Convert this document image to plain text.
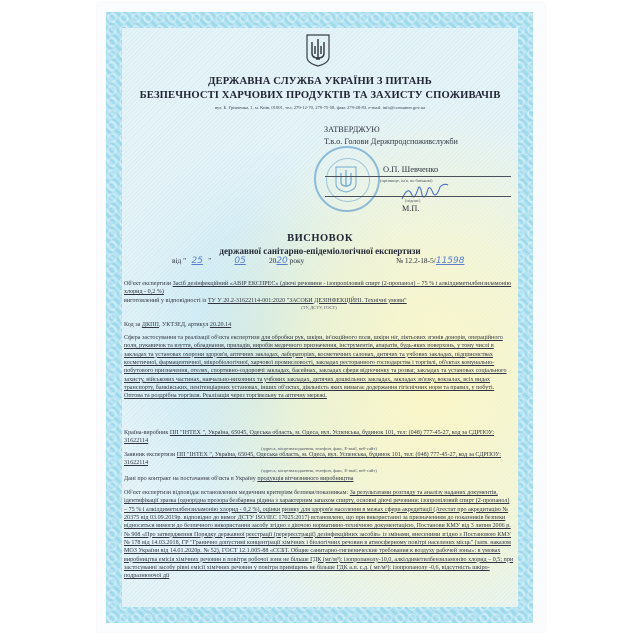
ДЕРЖАВНА СЛУЖБА УКРАЇНИ З ПИТАНЬ
БЕЗПЕЧНОСТІ ХАРЧОВИХ ПРОДУКТІВ ТА ЗАХИСТУ СПОЖИВАЧІВ
вул. Б. Грінченка, 1, м. Київ, 01001, тел. 279-12-70, 279-75-58, факс 279-48-83, e-mail: info@consumer.gov.ua
ЗАТВЕРДЖУЮ
Т.в.о. Голови Держпродспоживслужби
О.П. Шевченко
(прізвище, ім'я, по батькові)
(підпис)
М.П.
ВИСНОВОК
державної санітарно-епідеміологічної експертизи
від " 25 " 05	2020 року	№ 12.2-18-5/11598
Об'єкт експертизи Засіб дезінфекційний «АВІР ЕКСПРЕС» (діючі речовини - ізопропіловий спирт (2-пропанол) – 75 % і алкілдиметилбензиламонію хлорид - 0,2 %)
виготовлений у відповідності із ТУ У 20.2-31622114-001:2020 "ЗАСОБИ ДЕЗІНФЕКЦІЙНІ. Технічні умови"
(ТУ, ДСТУ, ГОСТ)
Код за ДКПП, УКТЗЕД, артикул 20.20.14
Сфера застосування та реалізації об'єкта експертизи для обробки рук, шкіри, ін'єкційного поля, шкіри ніг, ліктьових згинів донорів, операційного поля, рукавичок та взуття, обладнання, приладів, виробів медичного призначення, інструментів, апаратів, будь-яких поверхонь, у тому числі в закладах та установах охорони здоров'я, аптечних закладах, лабораторіях, косметичних салонах, дитячих та учбових закладах, підприємствах косметичної, фармацевтичної, мікробіологічної, харчової промисловості, закладах ресторанного господарства і торгівлі, об'єктах комунально-побутового призначення, отелях, спортивно-оздоровчі закладах, басейнах, закладах сфери відпочинку та розваг, закладах та установах соціального захисту, військових частинах, навчально-виховних та учбових закладах, дитячих дошкільних закладах, закладах зв'язку, вокзалах, всіх видах транспорту, банківських, пенітенціарних установах, інших об'єктах, діяльність яких вимагає додержання гігієнічних норм та правил, у побуті. Оптова та роздрібна торгівля. Реалізація через торгівельну та аптечну мережі.
Країна-виробник ПП "ІНТЕХ ", Україна, 65045, Одеська область, м. Одеса, вул. Успенська, будинок 101, тел: (048) 777-45-27, код за СДРПОУ: 31622114
(адреса, місцезнаходження, телефон, факс, E-mail, веб-сайт)
Заявник експертизи ПП "ІНТЕХ ", Україна, 65045, Одеська область, м. Одеса, вул. Успенська, будинок 101, тел: (048) 777-45-27, код за СДРПОУ: 31622114
(адреса, місцезнаходження, телефон, факс, E-mail, веб-сайт)
Дані про контракт на постачання об'єкта в Україну продукція вітчизняного виробництва
Об'єкт експертизи відповідає встановленим медичним критеріям безпеки/показникам: За результатами розгляду та аналізу наданих документів, ідентифікації зразка (однорідна прозора безбарвна рідина з характерним запахом спирту, основні діючі речовини: ізопропіловий спирт (2-пропанол) – 75 % і алкілдиметилбензиламонію хлорид - 0,2 %), оцінки ризику для здоров'я населення в межах сфери акредитації (Атестат про акредитацію № 20375 від 03.09.2019р. відповідно до вимог ДСТУ ISO/IEC 17025:2017) встановлено, що при використанні за призначенням до показників безпеки відносяться вимоги до безпечного використання засобу згідно з діючою нормативно-технічною документацією, Постанови КМУ від 3 липня 2006 р. № 908 «Про затвердження Порядку державної реєстрації (перереєстрації) дезінфекційних засобів» із змінами, внесеними згідно з Постановою КМУ № 178 від 14.03.2018, ГР "Гранично допустимі концентрації хімічних і біологічних речовин в атмосферному повітрі населених місць" (затв. наказом МОЗ України від 14.01.2020р. № 52), ГОСТ 12.1.005-88 «ССБТ. Общие санитарно-гигиенические требования к воздуху рабочей зоны»: в умовах виробництва емісія хімічних речовин в повітря робочої зони не більше ГДК (мг/м³): ізопропанолу-10,0, алкілдиметилбензиламонію хлорид – 0,5; при застосуванні засобу рівні емісії хімічних речовин у повітря приміщень не більше ГДК а.п. с.д. ( мг/м³): ізопропанолу -0,6, відсутність шкіро-подразнюючої дії
